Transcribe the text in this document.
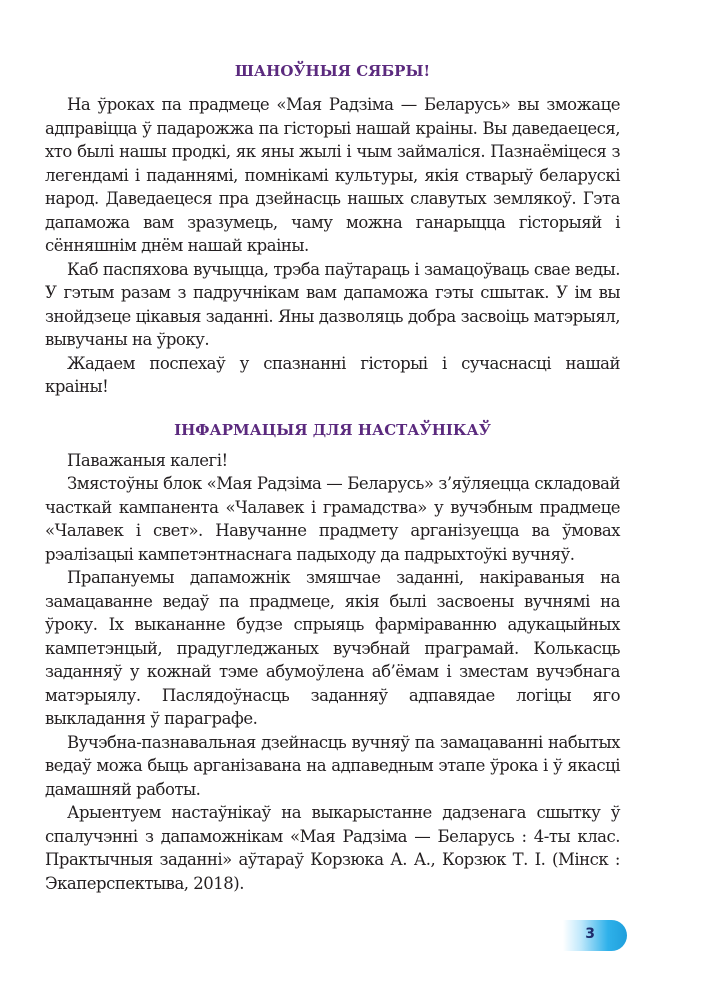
ШАНОЎНЫЯ СЯБРЫ!

На ўроках па прадмеце «Мая Радзіма — Беларусь» вы зможаце адправіцца ў падарожжа па гісторыі нашай краіны. Вы даведаецеся, хто былі нашы продкі, як яны жылі і чым займаліся. Пазнаёміцеся з легендамі і паданнямі, помнікамі культуры, якія стварыў беларускі народ. Даведаецеся пра дзейнасць нашых славутых землякоў. Гэта дапаможа вам зразумець, чаму можна ганарыцца гісторыяй і сённяшнім днём нашай краіны.

Каб паспяхова вучыцца, трэба паўтараць і замацоўваць свае веды. У гэтым разам з падручнікам вам дапаможа гэты сшытак. У ім вы знойдзеце цікавыя заданні. Яны дазволяць добра засвоіць матэрыял, вывучаны на ўроку.

Жадаем поспехаў у спазнанні гісторыі і сучаснасці нашай краіны!

ІНФАРМАЦЫЯ ДЛЯ НАСТАЎНІКАЎ

Паважаныя калегі!

Змястоўны блок «Мая Радзіма — Беларусь» з’яўляецца складовай часткай кампанента «Чалавек і грамадства» у вучэбным прадмеце «Чалавек і свет». Навучанне прадмету арганізуецца ва ўмовах рэалізацыі кампетэнтнаснага падыходу да падрыхтоўкі вучняў.

Прапануемы дапаможнік змяшчае заданні, накіраваныя на замацаванне ведаў па прадмеце, якія былі засвоены вучнямі на ўроку. Іх выкананне будзе спрыяць фарміраванню адукацыйных кампетэнцый, прадугледжаных вучэбнай праграмай. Колькасць заданняў у кожнай тэме абумоўлена аб’ёмам і зместам вучэбнага матэрыялу. Паслядоўнасць заданняў адпавядае логіцы яго выкладання ў параграфе.

Вучэбна-пазнавальная дзейнасць вучняў па замацаванні набытых ведаў можа быць арганізавана на адпаведным этапе ўрока і ў якасці дамашняй работы.

Арыентуем настаўнікаў на выкарыстанне дадзенага сшытку ў спалучэнні з дапаможнікам «Мая Радзіма — Беларусь : 4-ты клас. Практычныя заданні» аўтараў Корзюка А. А., Корзюк Т. І. (Мінск : Экаперспектыва, 2018).

3
